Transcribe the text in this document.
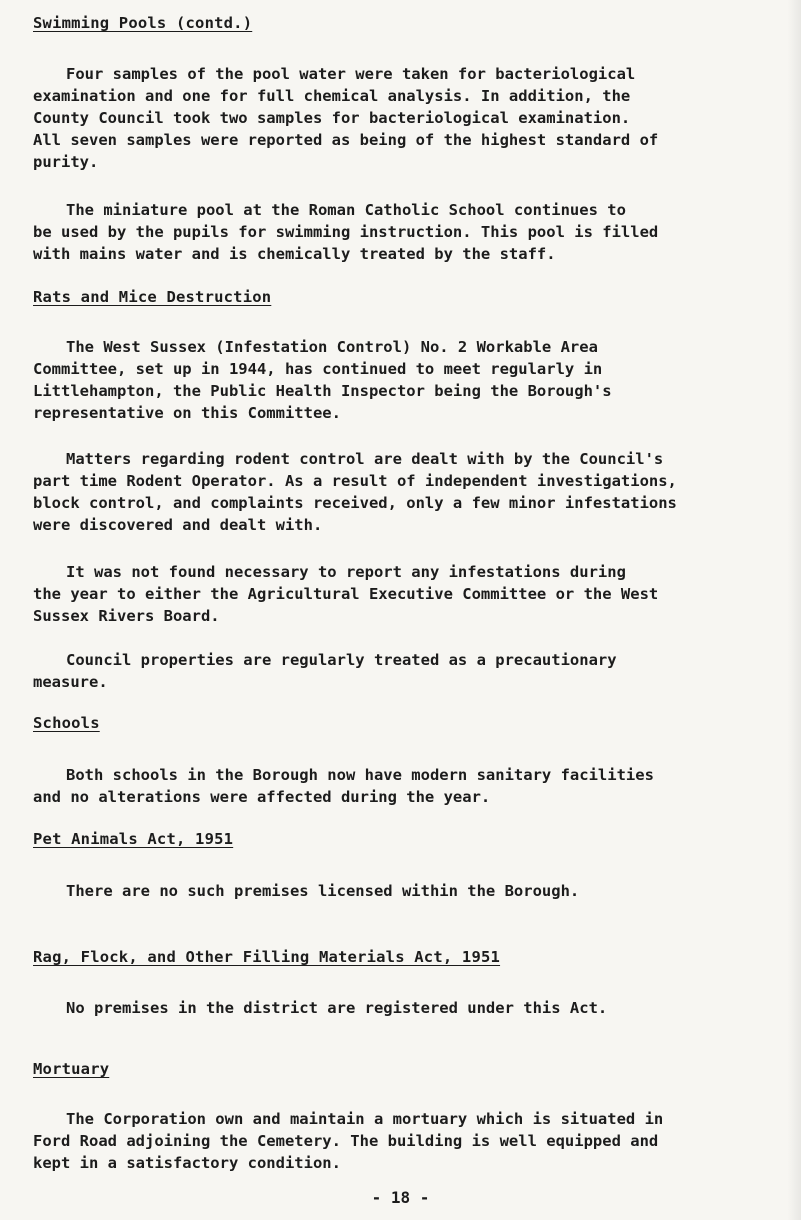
Swimming Pools (contd.)

Four samples of the pool water were taken for bacteriological
examination and one for full chemical analysis. In addition, the
County Council took two samples for bacteriological examination.
All seven samples were reported as being of the highest standard of
purity.

The miniature pool at the Roman Catholic School continues to
be used by the pupils for swimming instruction. This pool is filled
with mains water and is chemically treated by the staff.

Rats and Mice Destruction

The West Sussex (Infestation Control) No. 2 Workable Area
Committee, set up in 1944, has continued to meet regularly in
Littlehampton, the Public Health Inspector being the Borough's
representative on this Committee.

Matters regarding rodent control are dealt with by the Council's
part time Rodent Operator. As a result of independent investigations,
block control, and complaints received, only a few minor infestations
were discovered and dealt with.

It was not found necessary to report any infestations during
the year to either the Agricultural Executive Committee or the West
Sussex Rivers Board.

Council properties are regularly treated as a precautionary
measure.

Schools

Both schools in the Borough now have modern sanitary facilities
and no alterations were affected during the year.

Pet Animals Act, 1951

There are no such premises licensed within the Borough.

Rag, Flock, and Other Filling Materials Act, 1951

No premises in the district are registered under this Act.

Mortuary

The Corporation own and maintain a mortuary which is situated in
Ford Road adjoining the Cemetery. The building is well equipped and
kept in a satisfactory condition.

- 18 -
